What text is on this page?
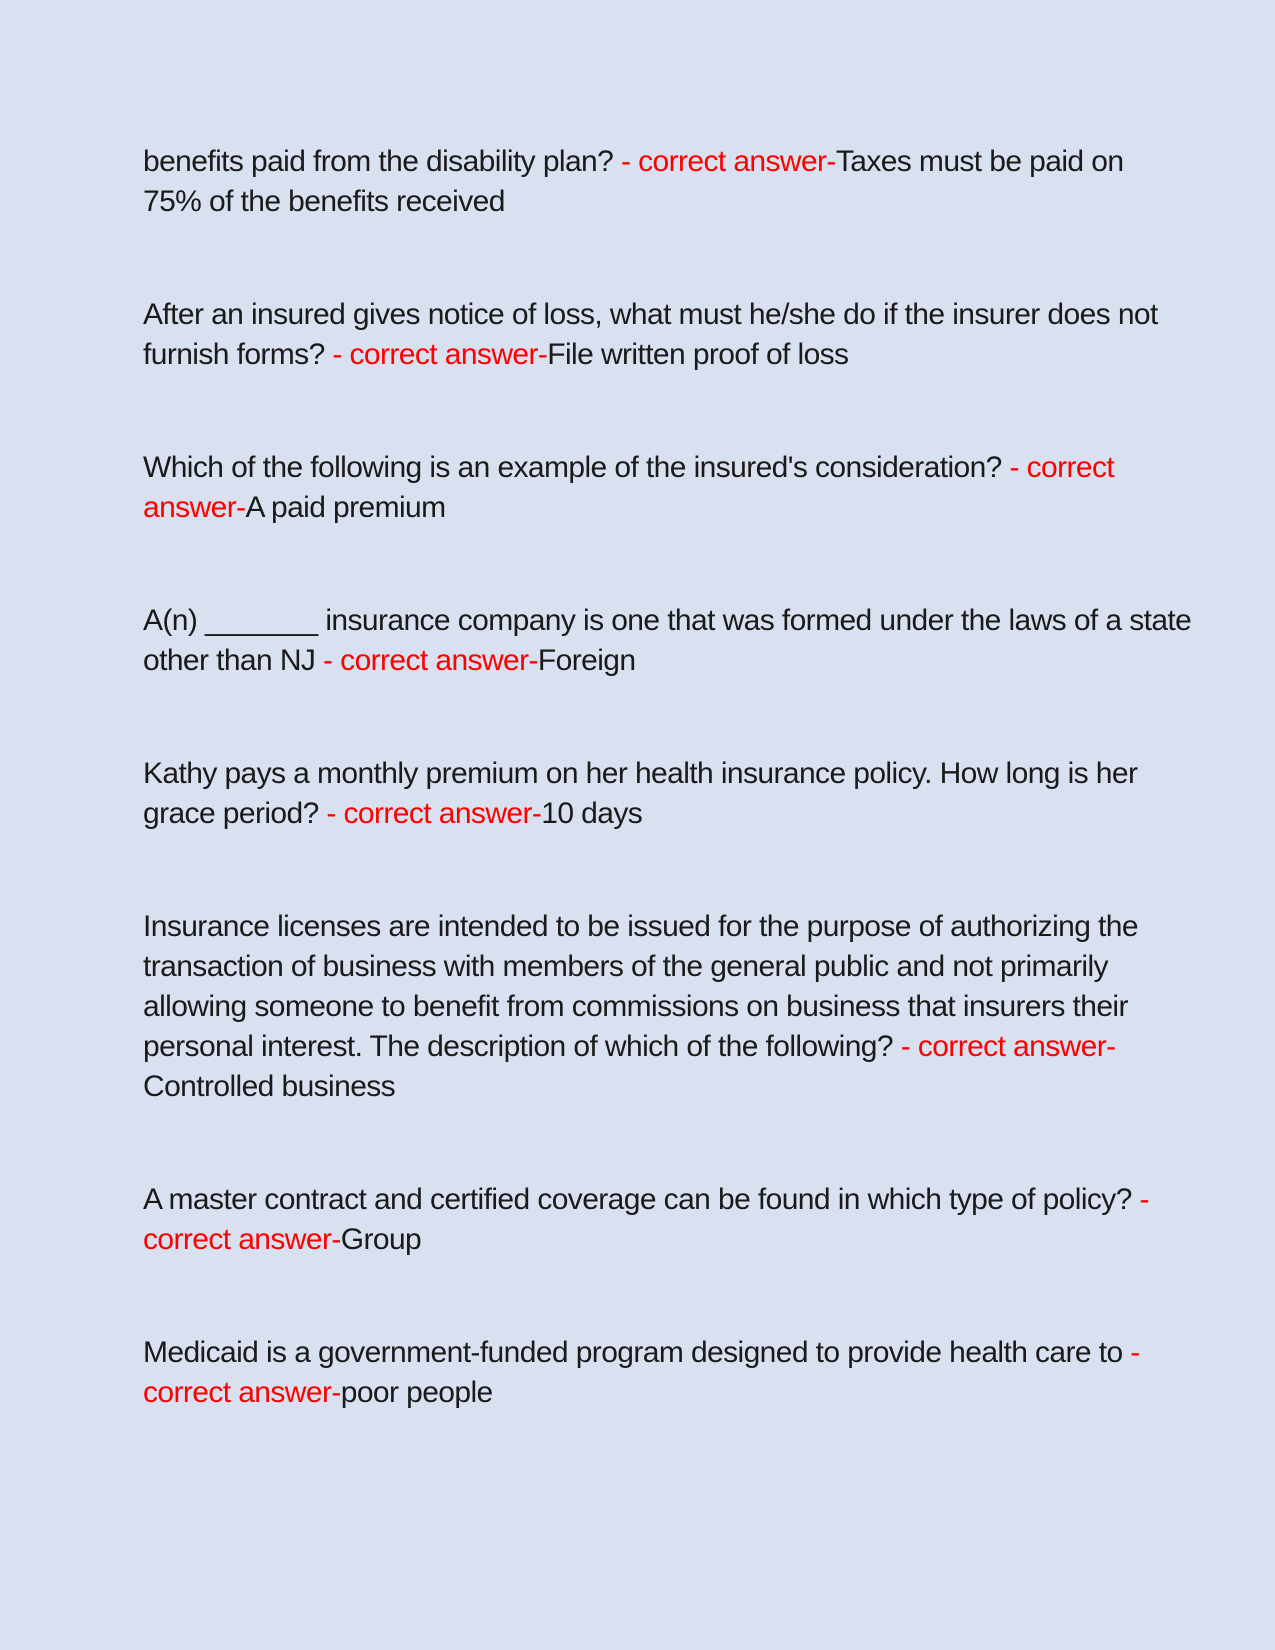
benefits paid from the disability plan? - correct answer-Taxes must be paid on
75% of the benefits received
After an insured gives notice of loss, what must he/she do if the insurer does not
furnish forms? - correct answer-File written proof of loss
Which of the following is an example of the insured's consideration? - correct
answer-A paid premium
A(n) _______ insurance company is one that was formed under the laws of a state
other than NJ - correct answer-Foreign
Kathy pays a monthly premium on her health insurance policy. How long is her
grace period? - correct answer-10 days
Insurance licenses are intended to be issued for the purpose of authorizing the
transaction of business with members of the general public and not primarily
allowing someone to benefit from commissions on business that insurers their
personal interest. The description of which of the following? - correct answer-
Controlled business
A master contract and certified coverage can be found in which type of policy? -
correct answer-Group
Medicaid is a government-funded program designed to provide health care to -
correct answer-poor people
